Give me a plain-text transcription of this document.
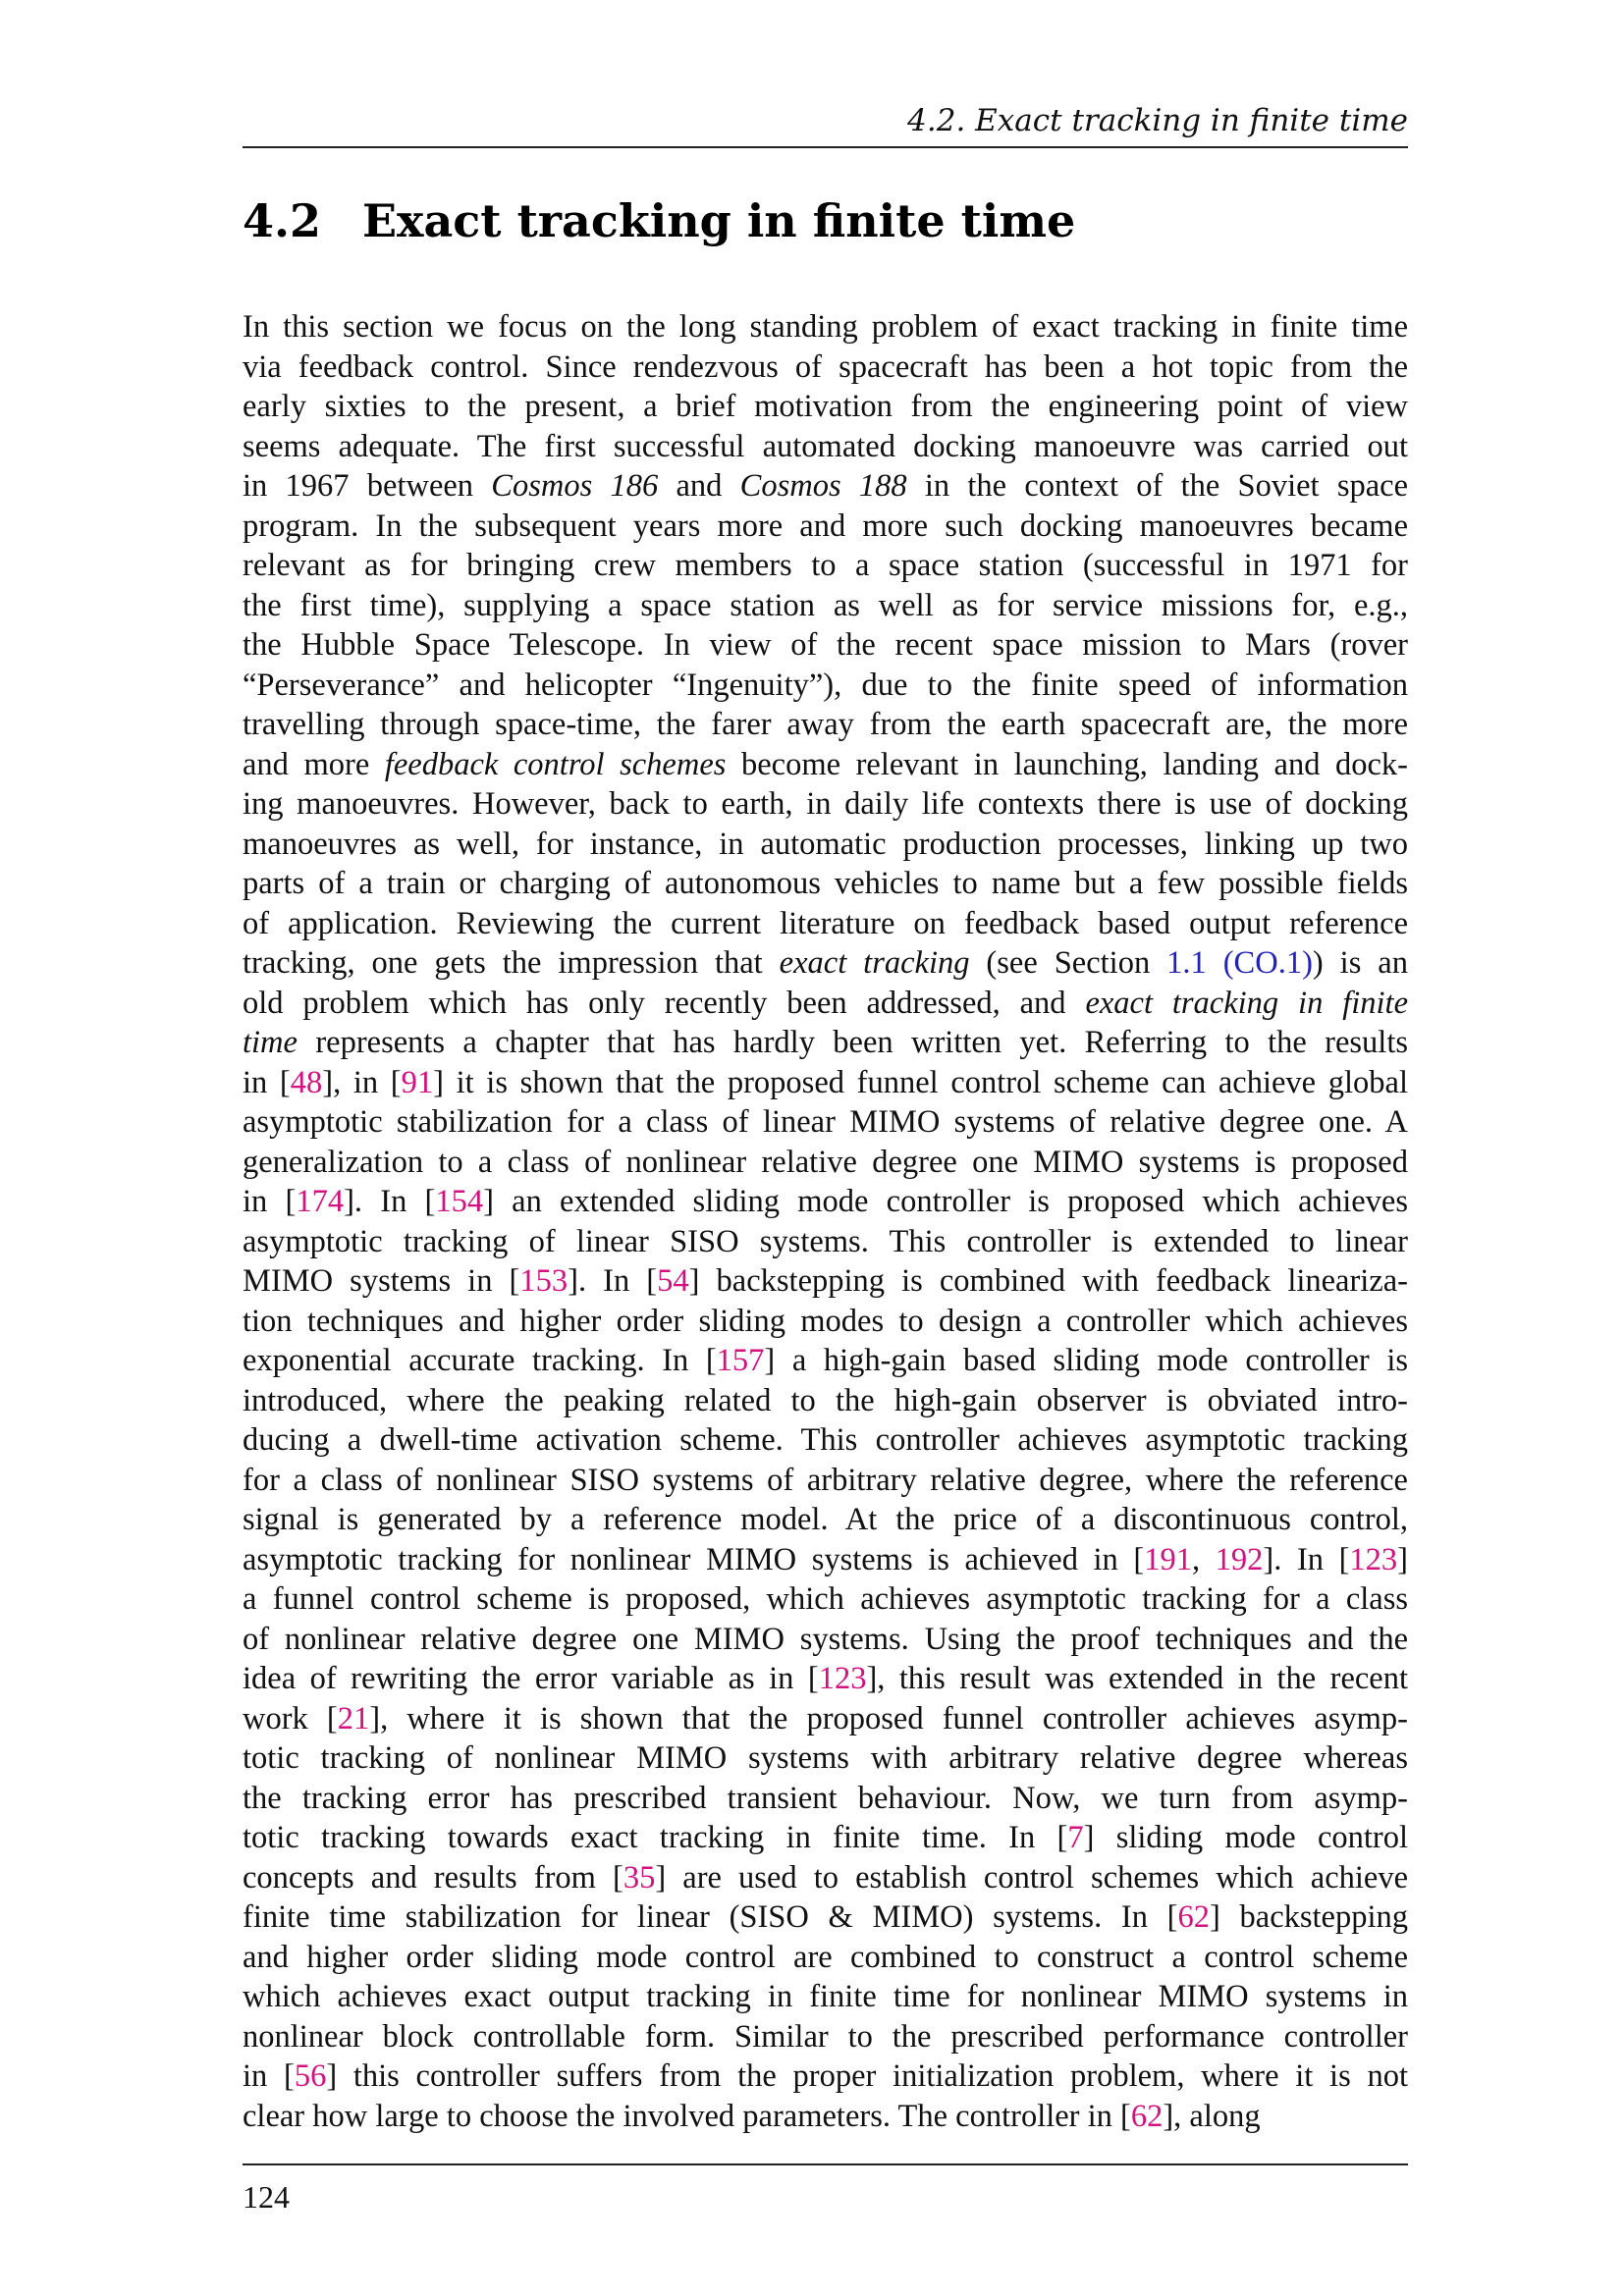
4.2. Exact tracking in finite time
4.2 Exact tracking in finite time
In this section we focus on the long standing problem of exact tracking in finite time
via feedback control. Since rendezvous of spacecraft has been a hot topic from the
early sixties to the present, a brief motivation from the engineering point of view
seems adequate. The first successful automated docking manoeuvre was carried out
in 1967 between Cosmos 186 and Cosmos 188 in the context of the Soviet space
program. In the subsequent years more and more such docking manoeuvres became
relevant as for bringing crew members to a space station (successful in 1971 for
the first time), supplying a space station as well as for service missions for, e.g.,
the Hubble Space Telescope. In view of the recent space mission to Mars (rover
“Perseverance” and helicopter “Ingenuity”), due to the finite speed of information
travelling through space-time, the farer away from the earth spacecraft are, the more
and more feedback control schemes become relevant in launching, landing and dock-
ing manoeuvres. However, back to earth, in daily life contexts there is use of docking
manoeuvres as well, for instance, in automatic production processes, linking up two
parts of a train or charging of autonomous vehicles to name but a few possible fields
of application. Reviewing the current literature on feedback based output reference
tracking, one gets the impression that exact tracking (see Section 1.1 (CO.1)) is an
old problem which has only recently been addressed, and exact tracking in finite
time represents a chapter that has hardly been written yet. Referring to the results
in [48], in [91] it is shown that the proposed funnel control scheme can achieve global
asymptotic stabilization for a class of linear MIMO systems of relative degree one. A
generalization to a class of nonlinear relative degree one MIMO systems is proposed
in [174]. In [154] an extended sliding mode controller is proposed which achieves
asymptotic tracking of linear SISO systems. This controller is extended to linear
MIMO systems in [153]. In [54] backstepping is combined with feedback lineariza-
tion techniques and higher order sliding modes to design a controller which achieves
exponential accurate tracking. In [157] a high-gain based sliding mode controller is
introduced, where the peaking related to the high-gain observer is obviated intro-
ducing a dwell-time activation scheme. This controller achieves asymptotic tracking
for a class of nonlinear SISO systems of arbitrary relative degree, where the reference
signal is generated by a reference model. At the price of a discontinuous control,
asymptotic tracking for nonlinear MIMO systems is achieved in [191, 192]. In [123]
a funnel control scheme is proposed, which achieves asymptotic tracking for a class
of nonlinear relative degree one MIMO systems. Using the proof techniques and the
idea of rewriting the error variable as in [123], this result was extended in the recent
work [21], where it is shown that the proposed funnel controller achieves asymp-
totic tracking of nonlinear MIMO systems with arbitrary relative degree whereas
the tracking error has prescribed transient behaviour. Now, we turn from asymp-
totic tracking towards exact tracking in finite time. In [7] sliding mode control
concepts and results from [35] are used to establish control schemes which achieve
finite time stabilization for linear (SISO & MIMO) systems. In [62] backstepping
and higher order sliding mode control are combined to construct a control scheme
which achieves exact output tracking in finite time for nonlinear MIMO systems in
nonlinear block controllable form. Similar to the prescribed performance controller
in [56] this controller suffers from the proper initialization problem, where it is not
clear how large to choose the involved parameters. The controller in [62], along
124
